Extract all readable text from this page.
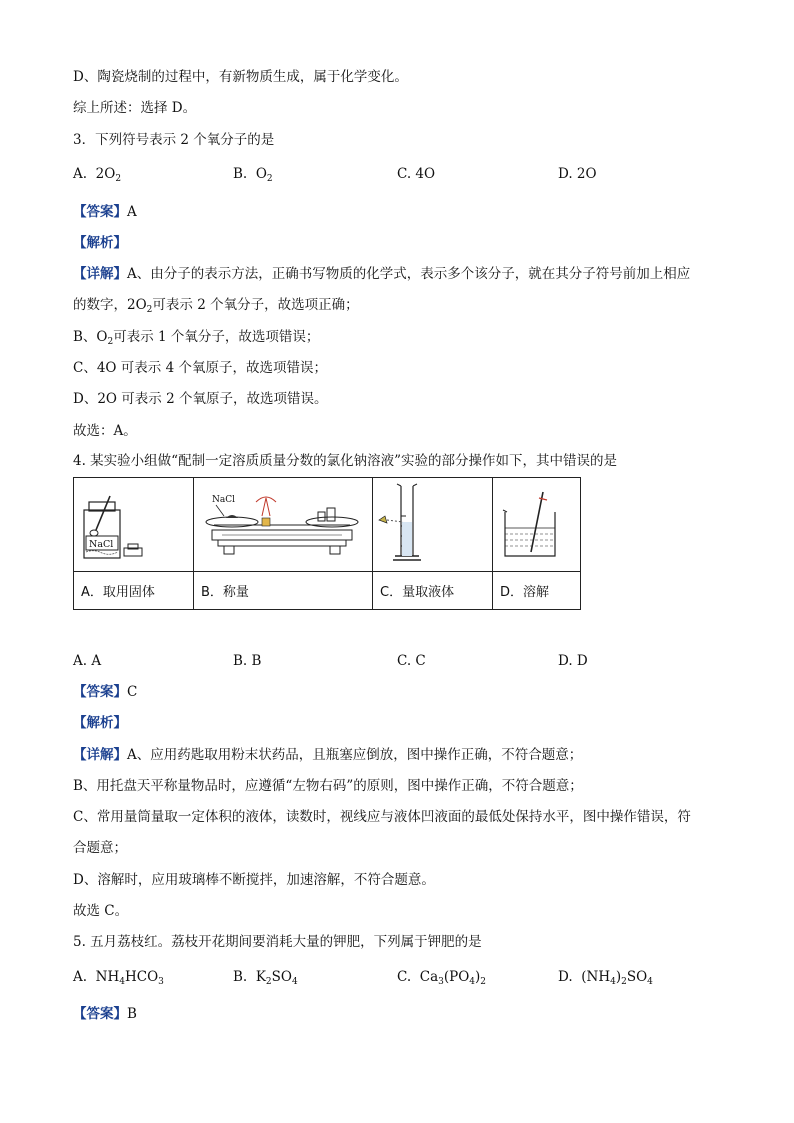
D、陶瓷烧制的过程中，有新物质生成，属于化学变化。
综上所述：选择 D。
3．下列符号表示 2 个氧分子的是
A. $2O_2$	B. $O_2$	C. 4O	D. 2O
【答案】A
【解析】
【详解】A、由分子的表示方法，正确书写物质的化学式，表示多个该分子，就在其分子符号前加上相应
的数字，$2O_2$可表示 2 个氧分子，故选项正确；
B、$O_2$可表示 1 个氧分子，故选项错误；
C、4O 可表示 4 个氧原子，故选项错误；
D、2O 可表示 2 个氧原子，故选项错误。
故选：A。
4. 某实验小组做“配制一定溶质质量分数的氯化钠溶液”实验的部分操作如下，其中错误的是
NaCl	NaCl

A．取用固体	B．称量	C．量取液体	D．溶解
A. A	B. B	C. C	D. D
【答案】C
【解析】
【详解】A、应用药匙取用粉末状药品，且瓶塞应倒放，图中操作正确，不符合题意；
B、用托盘天平称量物品时，应遵循“左物右码”的原则，图中操作正确，不符合题意；
C、常用量筒量取一定体积的液体，读数时，视线应与液体凹液面的最低处保持水平，图中操作错误，符
合题意；
D、溶解时，应用玻璃棒不断搅拌，加速溶解，不符合题意。
故选 C。
5. 五月荔枝红。荔枝开花期间要消耗大量的钾肥，下列属于钾肥的是
A. $NH_4HCO_3$	B. $K_2SO_4$	C. $Ca_3(PO_4)_2$	D. $(NH_4)_2SO_4$
【答案】B
